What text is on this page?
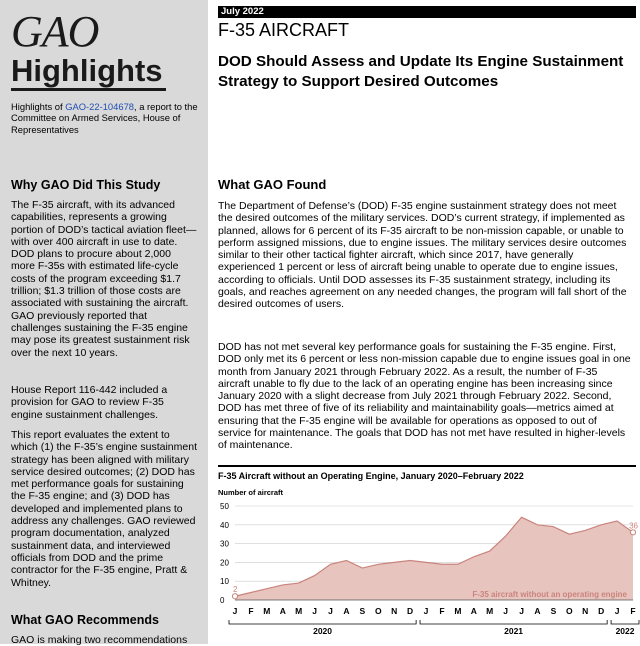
GAO
Highlights
Highlights of GAO-22-104678, a report to the Committee on Armed Services, House of Representatives
Why GAO Did This Study

The F-35 aircraft, with its advanced capabilities, represents a growing portion of DOD’s tactical aviation fleet—with over 400 aircraft in use to date. DOD plans to procure about 2,000 more F-35s with estimated life-cycle costs of the program exceeding $1.7 trillion; $1.3 trillion of those costs are associated with sustaining the aircraft. GAO previously reported that challenges sustaining the F-35 engine may pose its greatest sustainment risk over the next 10 years.

House Report 116-442 included a provision for GAO to review F-35 engine sustainment challenges.

This report evaluates the extent to which (1) the F-35’s engine sustainment strategy has been aligned with military service desired outcomes; (2) DOD has met performance goals for sustaining the F-35 engine; and (3) DOD has developed and implemented plans to address any challenges. GAO reviewed program documentation, analyzed sustainment data, and interviewed officials from DOD and the prime contractor for the F-35 engine, Pratt & Whitney.

What GAO Recommends

GAO is making two recommendations

July 2022
F-35 AIRCRAFT
DOD Should Assess and Update Its Engine Sustainment Strategy to Support Desired Outcomes
What GAO Found

The Department of Defense’s (DOD) F-35 engine sustainment strategy does not meet the desired outcomes of the military services. DOD’s current strategy, if implemented as planned, allows for 6 percent of its F-35 aircraft to be non-mission capable, or unable to perform assigned missions, due to engine issues. The military services desire outcomes similar to their other tactical fighter aircraft, which since 2017, have generally experienced 1 percent or less of aircraft being unable to operate due to engine issues, according to officials. Until DOD assesses its F-35 sustainment strategy, including its goals, and reaches agreement on any needed changes, the program will fall short of the desired outcomes of users.

DOD has not met several key performance goals for sustaining the F-35 engine. First, DOD only met its 6 percent or less non-mission capable due to engine issues goal in one month from January 2021 through February 2022. As a result, the number of F-35 aircraft unable to fly due to the lack of an operating engine has been increasing since January 2020 with a slight decrease from July 2021 through February 2022. Second, DOD has met three of five of its reliability and maintainability goals—metrics aimed at ensuring that the F-35 engine will be available for operations as opposed to out of service for maintenance. The goals that DOD has not met have resulted in higher-levels of maintenance.

F-35 Aircraft without an Operating Engine, January 2020–February 2022
Number of aircraft
0
10
20
30
40
50
2
36
F-35 aircraft without an operating engine
J F M A M J J A S O N D J F M A M J J A S O N D J F
2020	2021	2022
